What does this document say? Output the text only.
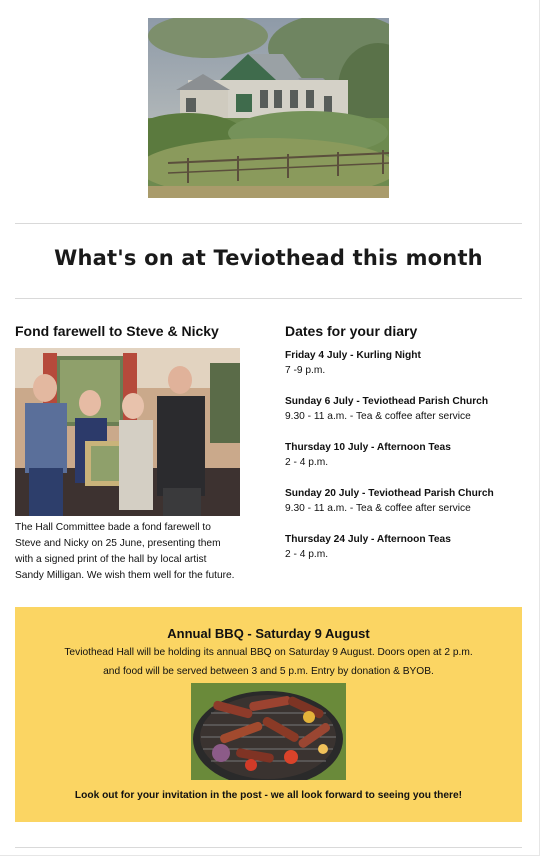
What's on at Teviothead this month
Fond farewell to Steve & Nicky
The Hall Committee bade a fond farewell to
Steve and Nicky on 25 June, presenting them
with a signed print of the hall by local artist
Sandy Milligan. We wish them well for the future.
Dates for your diary
Friday 4 July - Kurling Night
7 -9 p.m.
Sunday 6 July - Teviothead Parish Church
9.30 - 11 a.m. - Tea & coffee after service
Thursday 10 July - Afternoon Teas
2 - 4 p.m.
Sunday 20 July - Teviothead Parish Church
9.30 - 11 a.m. - Tea & coffee after service
Thursday 24 July - Afternoon Teas
2 - 4 p.m.
Annual BBQ - Saturday 9 August
Teviothead Hall will be holding its annual BBQ on Saturday 9 August. Doors open at 2 p.m.
and food will be served between 3 and 5 p.m. Entry by donation & BYOB.
Look out for your invitation in the post - we all look forward to seeing you there!
